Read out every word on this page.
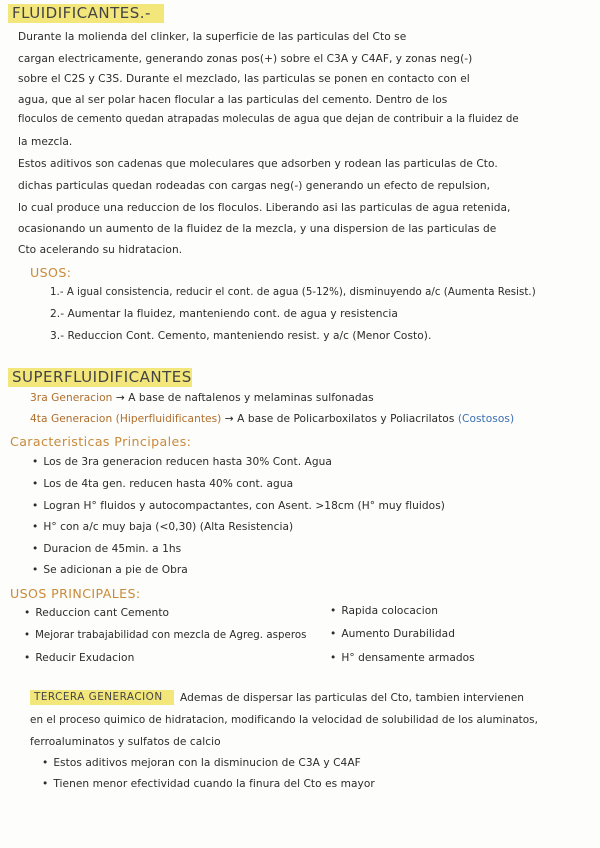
FLUIDIFICANTES.-
Durante la molienda del clinker, la superficie de las particulas del Cto se
cargan electricamente, generando zonas pos(+) sobre el C3A y C4AF, y zonas neg(-)
sobre el C2S y C3S. Durante el mezclado, las particulas se ponen en contacto con el
agua, que al ser polar hacen flocular a las particulas del cemento. Dentro de los
floculos de cemento quedan atrapadas moleculas de agua que dejan de contribuir a la fluidez de
la mezcla.
Estos aditivos son cadenas que moleculares que adsorben y rodean las particulas de Cto.
dichas particulas quedan rodeadas con cargas neg(-) generando un efecto de repulsion,
lo cual produce una reduccion de los floculos. Liberando asi las particulas de agua retenida,
ocasionando un aumento de la fluidez de la mezcla, y una dispersion de las particulas de
Cto acelerando su hidratacion.
USOS:
1.- A igual consistencia, reducir el cont. de agua (5-12%), disminuyendo a/c (Aumenta Resist.)
2.- Aumentar la fluidez, manteniendo cont. de agua y resistencia
3.- Reduccion Cont. Cemento, manteniendo resist. y a/c (Menor Costo).
SUPERFLUIDIFICANTES
3ra Generacion → A base de naftalenos y melaminas sulfonadas
4ta Generacion (Hiperfluidificantes) → A base de Policarboxilatos y Poliacrilatos (Costosos)
Caracteristicas Principales:
• Los de 3ra generacion reducen hasta 30% Cont. Agua
• Los de 4ta gen. reducen hasta 40% cont. agua
• Logran H° fluidos y autocompactantes, con Asent. >18cm (H° muy fluidos)
• H° con a/c muy baja (<0,30) (Alta Resistencia)
• Duracion de 45min. a 1hs
• Se adicionan a pie de Obra
USOS PRINCIPALES:
• Reduccion cant Cemento
• Mejorar trabajabilidad con mezcla de Agreg. asperos
• Reducir Exudacion
• Rapida colocacion
• Aumento Durabilidad
• H° densamente armados
TERCERA GENERACION	Ademas de dispersar las particulas del Cto, tambien intervienen
en el proceso quimico de hidratacion, modificando la velocidad de solubilidad de los aluminatos,
ferroaluminatos y sulfatos de calcio
• Estos aditivos mejoran con la disminucion de C3A y C4AF
• Tienen menor efectividad cuando la finura del Cto es mayor
